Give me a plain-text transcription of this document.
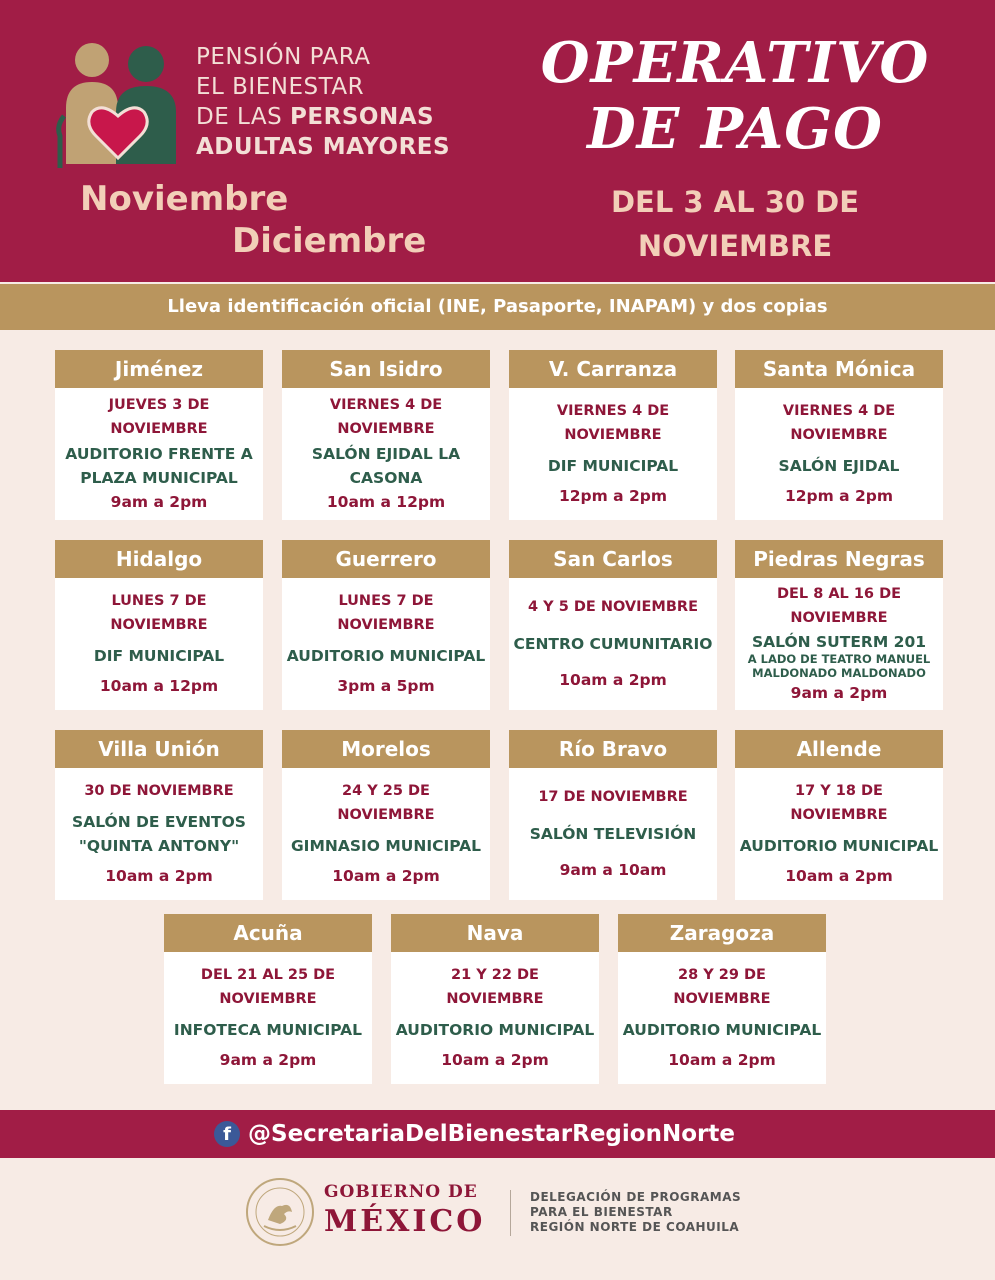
PENSIÓN PARA
EL BIENESTAR
DE LAS PERSONAS
ADULTAS MAYORES
Noviembre
Diciembre
OPERATIVO
DE PAGO
DEL 3 AL 30 DE
NOVIEMBRE
Lleva identificación oficial (INE, Pasaporte, INAPAM) y dos copias
Jiménez
JUEVES 3 DE NOVIEMBRE
AUDITORIO FRENTE A PLAZA MUNICIPAL
9am a 2pm
San Isidro
VIERNES 4 DE NOVIEMBRE
SALÓN EJIDAL LA CASONA
10am a 12pm
V. Carranza
VIERNES 4 DE NOVIEMBRE
DIF MUNICIPAL
12pm a 2pm
Santa Mónica
VIERNES 4 DE NOVIEMBRE
SALÓN EJIDAL
12pm a 2pm
Hidalgo
LUNES 7 DE NOVIEMBRE
DIF MUNICIPAL
10am a 12pm
Guerrero
LUNES 7 DE NOVIEMBRE
AUDITORIO MUNICIPAL
3pm a 5pm
San Carlos
4 Y 5 DE NOVIEMBRE
CENTRO CUMUNITARIO
10am a 2pm
Piedras Negras
DEL 8 AL 16 DE NOVIEMBRE
SALÓN SUTERM 201
A LADO DE TEATRO MANUEL MALDONADO MALDONADO
9am a 2pm
Villa Unión
30 DE NOVIEMBRE
SALÓN DE EVENTOS "QUINTA ANTONY"
10am a 2pm
Morelos
24 Y 25 DE NOVIEMBRE
GIMNASIO MUNICIPAL
10am a 2pm
Río Bravo
17 DE NOVIEMBRE
SALÓN TELEVISIÓN
9am a 10am
Allende
17 Y 18 DE NOVIEMBRE
AUDITORIO MUNICIPAL
10am a 2pm
Acuña
DEL 21 AL 25 DE NOVIEMBRE
INFOTECA MUNICIPAL
9am a 2pm
Nava
21 Y 22 DE NOVIEMBRE
AUDITORIO MUNICIPAL
10am a 2pm
Zaragoza
28 Y 29 DE NOVIEMBRE
AUDITORIO MUNICIPAL
10am a 2pm
f @SecretariaDelBienestarRegionNorte
GOBIERNO DE
MÉXICO
DELEGACIÓN DE PROGRAMAS
PARA EL BIENESTAR
REGIÓN NORTE DE COAHUILA
